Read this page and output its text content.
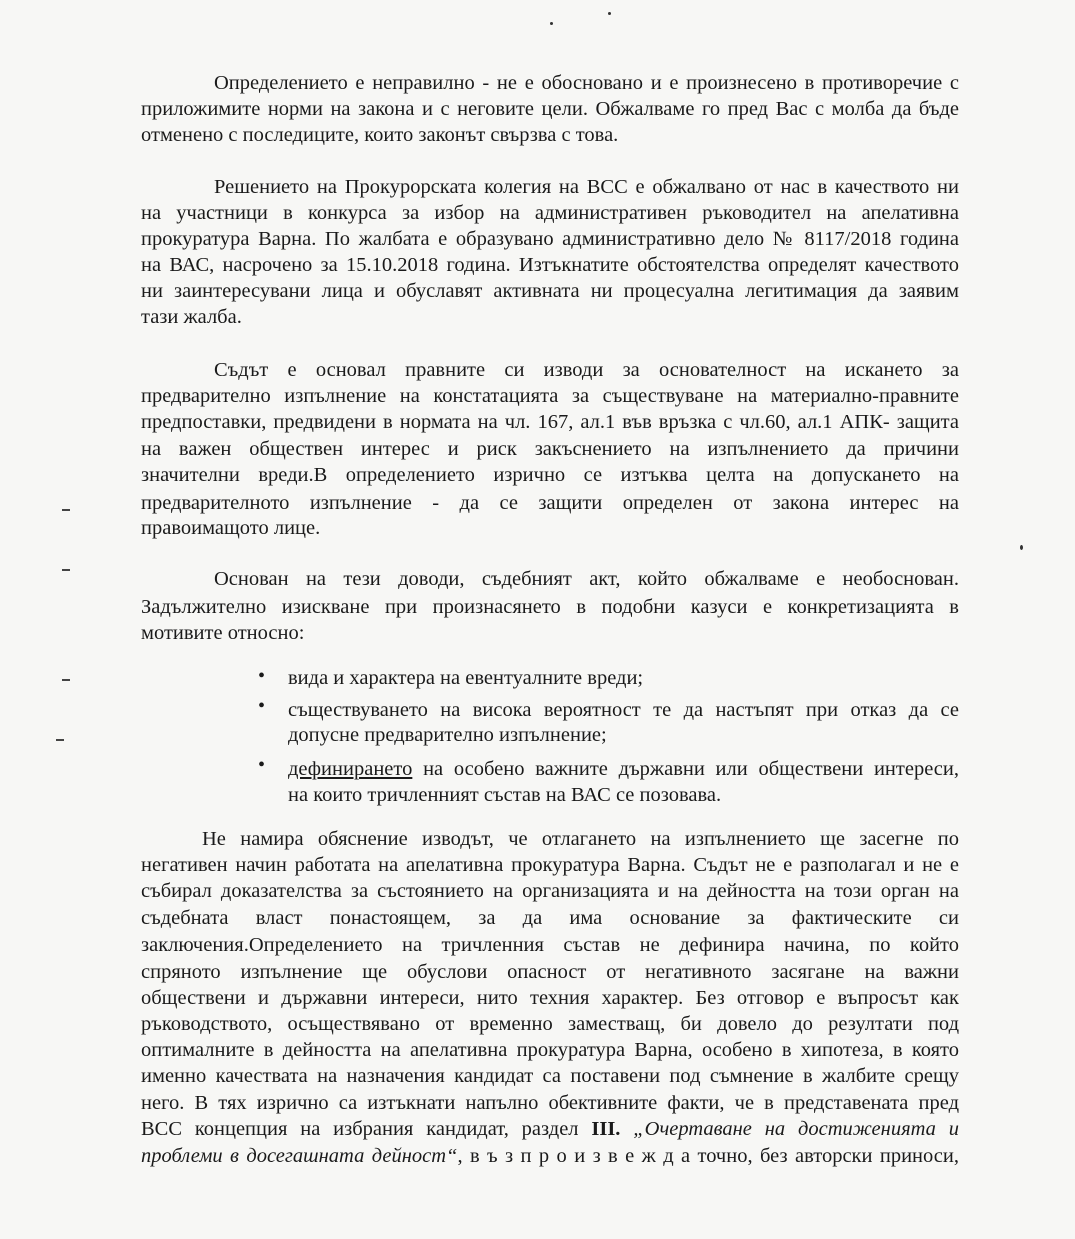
Определението е неправилно - не е обосновано и е произнесено в противоречие с
приложимите норми на закона и с неговите цели. Обжалваме го пред Вас с молба да бъде
отменено с последиците, които законът свързва с това.
Решението на Прокурорската колегия на ВСС е обжалвано от нас в качеството ни
на участници в конкурса за избор на административен ръководител на апелативна
прокуратура Варна. По жалбата е образувано административно дело № 8117/2018 година
на ВАС, насрочено за 15.10.2018 година. Изтъкнатите обстоятелства определят качеството
ни заинтересувани лица и обуславят активната ни процесуална легитимация да заявим
тази жалба.
Съдът е основал правните си изводи за основателност на искането за
предварително изпълнение на констатацията за съществуване на материално-правните
предпоставки, предвидени в нормата на чл. 167, ал.1 във връзка с чл.60, ал.1 АПК- защита
на важен обществен интерес и риск закъснението на изпълнението да причини
значителни вреди.В определението изрично се изтъква целта на допускането на
предварителното изпълнение - да се защити определен от закона интерес на
правоимащото лице.
Основан на тези доводи, съдебният акт, който обжалваме е необоснован.
Задължително изискване при произнасянето в подобни казуси е конкретизацията в
мотивите относно:
• вида и характера на евентуалните вреди;
• съществуването на висока вероятност те да настъпят при отказ да се
допусне предварително изпълнение;
• дефинирането на особено важните държавни или обществени интереси,
на които тричленният състав на ВАС се позовава.
Не намира обяснение изводът, че отлагането на изпълнението ще засегне по
негативен начин работата на апелативна прокуратура Варна. Съдът не е разполагал и не е
събирал доказателства за състоянието на организацията и на дейността на този орган на
съдебната власт понастоящем, за да има основание за фактическите си
заключения.Определението на тричленния състав не дефинира начина, по който
спряното изпълнение ще обуслови опасност от негативното засягане на важни
обществени и държавни интереси, нито техния характер. Без отговор е въпросът как
ръководството, осъществявано от временно заместващ, би довело до резултати под
оптималните в дейността на апелативна прокуратура Варна, особено в хипотеза, в която
именно качествата на назначения кандидат са поставени под съмнение в жалбите срещу
него. В тях изрично са изтъкнати напълно обективните факти, че в представената пред
ВСС концепция на избрания кандидат, раздел III. „Очертаване на достиженията и
проблеми в досегашната дейност“, в ъ з п р о и з в е ж д а точно, без авторски приноси,
